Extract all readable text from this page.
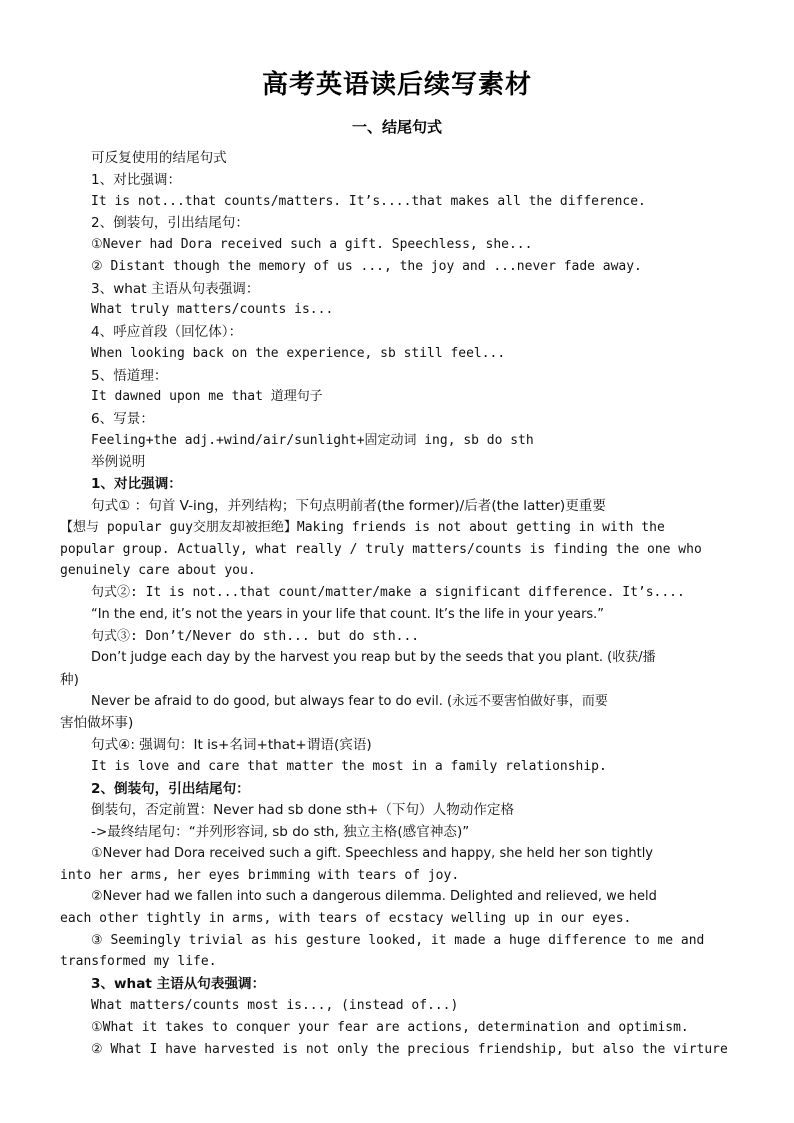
高考英语读后续写素材
一、结尾句式
可反复使用的结尾句式
1、对比强调：
It is not...that counts/matters. It’s....that makes all the difference.
2、倒装句，引出结尾句：
①Never had Dora received such a gift. Speechless, she...
② Distant though the memory of us ..., the joy and ...never fade away.
3、what 主语从句表强调：
What truly matters/counts is...
4、呼应首段（回忆体）：
When looking back on the experience, sb still feel...
5、悟道理：
It dawned upon me that 道理句子
6、写景：
Feeling+the adj.+wind/air/sunlight+固定动词 ing, sb do sth
举例说明
1、对比强调：
句式① ：句首 V-ing，并列结构；下句点明前者(the former)/后者(the latter)更重要
【想与 popular guy交朋友却被拒绝】Making friends is not about getting in with the
popular group. Actually, what really / truly matters/counts is finding the one who
genuinely care about you.
句式②: It is not...that count/matter/make a significant difference. It’s....
“In the end, it’s not the years in your life that count. It’s the life in your years.”
句式③: Don’t/Never do sth... but do sth...
Don’t judge each day by the harvest you reap but by the seeds that you plant. (收获/播
种)
Never be afraid to do good, but always fear to do evil. (永远不要害怕做好事，而要
害怕做坏事)
句式④: 强调句：It is+名词+that+谓语(宾语)
It is love and care that matter the most in a family relationship.
2、倒装句，引出结尾句：
倒装句，否定前置：Never had sb done sth+（下句）人物动作定格
->最终结尾句：“并列形容词, sb do sth, 独立主格(感官神态)”
①Never had Dora received such a gift. Speechless and happy, she held her son tightly
into her arms, her eyes brimming with tears of joy.
②Never had we fallen into such a dangerous dilemma. Delighted and relieved, we held
each other tightly in arms, with tears of ecstacy welling up in our eyes.
③ Seemingly trivial as his gesture looked, it made a huge difference to me and
transformed my life.
3、what 主语从句表强调：
What matters/counts most is..., (instead of...)
①What it takes to conquer your fear are actions, determination and optimism.
② What I have harvested is not only the precious friendship, but also the virture
